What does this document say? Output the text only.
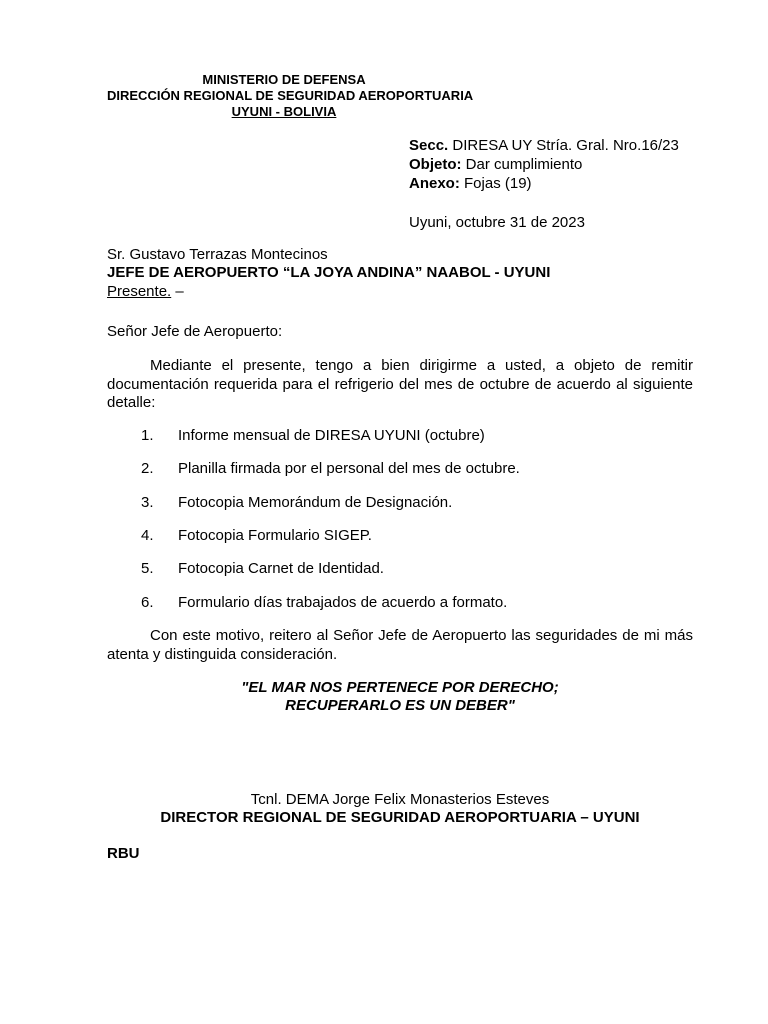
MINISTERIO DE DEFENSA
DIRECCIÓN REGIONAL DE SEGURIDAD AEROPORTUARIA
UYUNI - BOLIVIA
Secc. DIRESA UY Stría. Gral. Nro.16/23
Objeto: Dar cumplimiento
Anexo: Fojas (19)
Uyuni, octubre 31 de 2023
Sr. Gustavo Terrazas Montecinos
JEFE DE AEROPUERTO “LA JOYA ANDINA” NAABOL - UYUNI
Presente. –
Señor Jefe de Aeropuerto:
Mediante el presente, tengo a bien dirigirme a usted, a objeto de remitir documentación requerida para el refrigerio del mes de octubre de acuerdo al siguiente detalle:
1. Informe mensual de DIRESA UYUNI (octubre)
2. Planilla firmada por el personal del mes de octubre.
3. Fotocopia Memorándum de Designación.
4. Fotocopia Formulario SIGEP.
5. Fotocopia Carnet de Identidad.
6. Formulario días trabajados de acuerdo a formato.
Con este motivo, reitero al Señor Jefe de Aeropuerto las seguridades de mi más atenta y distinguida consideración.
"EL MAR NOS PERTENECE POR DERECHO;
RECUPERARLO ES UN DEBER"
Tcnl. DEMA Jorge Felix Monasterios Esteves
DIRECTOR REGIONAL DE SEGURIDAD AEROPORTUARIA – UYUNI
RBU
